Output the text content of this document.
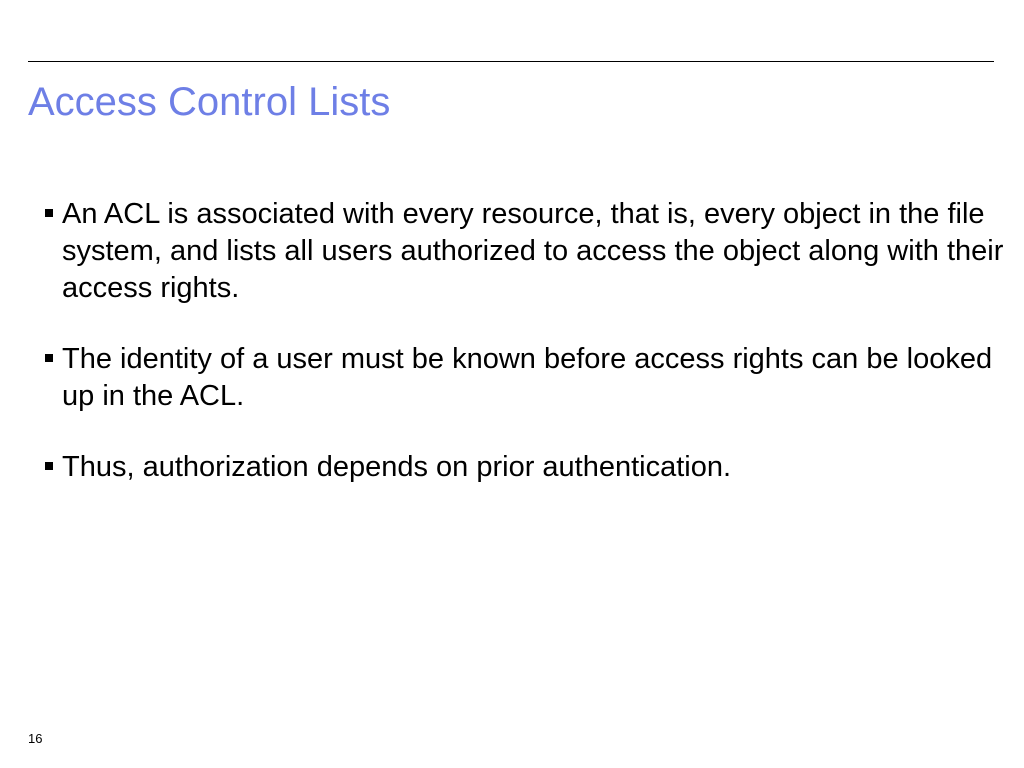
Access Control Lists
An ACL is associated with every resource, that is, every object in the file system, and lists all users authorized to access the object along with their access rights.
The identity of a user must be known before access rights can be looked up in the ACL.
Thus, authorization depends on prior authentication.
16
